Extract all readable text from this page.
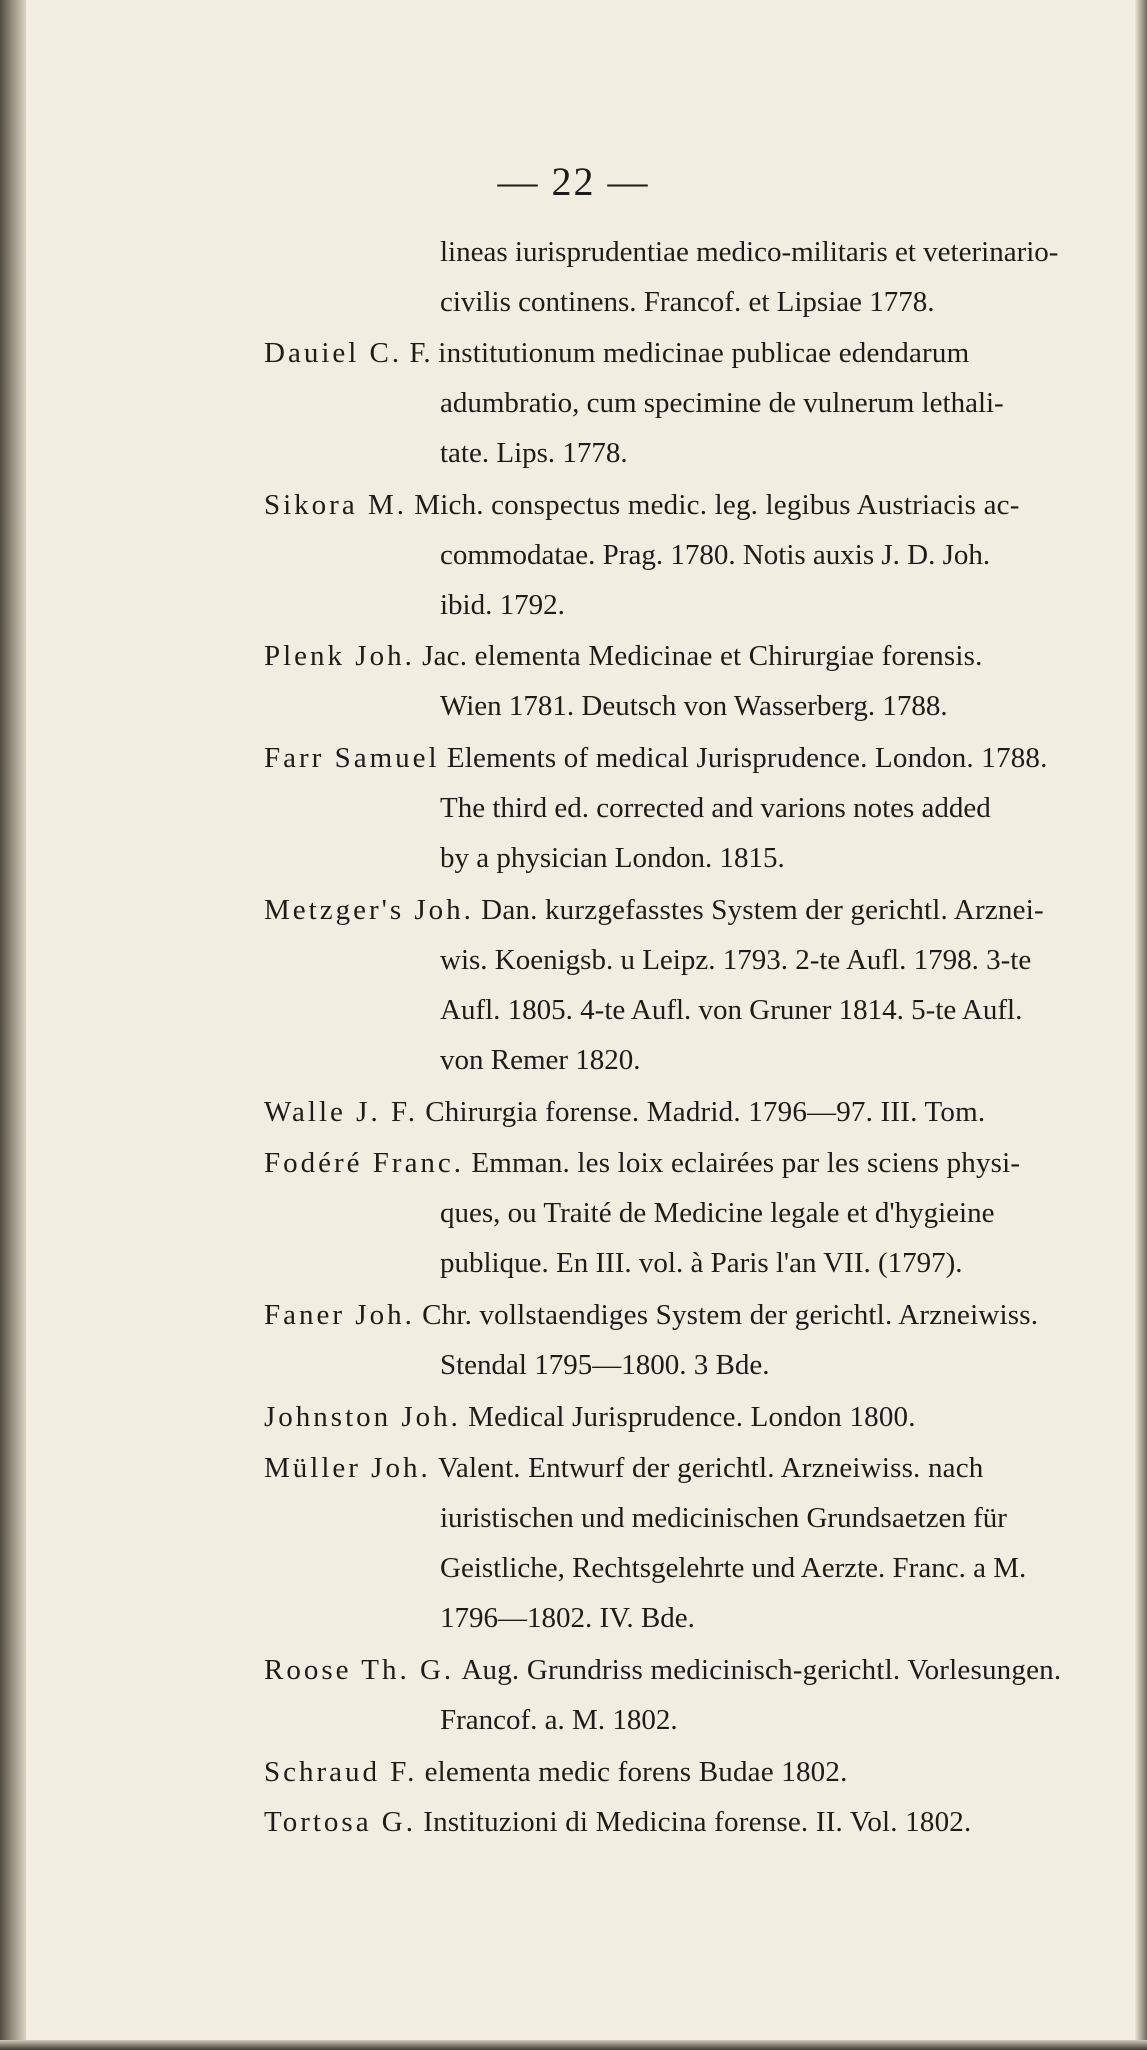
— 22 —
lineas iurisprudentiae medico-militaris et veterinario-
civilis continens. Francof. et Lipsiae 1778.
Dauiel C. F. institutionum medicinae publicae edendarum
adumbratio, cum specimine de vulnerum lethali-
tate. Lips. 1778.
Sikora M. Mich. conspectus medic. leg. legibus Austriacis ac-
commodatae. Prag. 1780. Notis auxis J. D. Joh.
ibid. 1792.
Plenk Joh. Jac. elementa Medicinae et Chirurgiae forensis.
Wien 1781. Deutsch von Wasserberg. 1788.
Farr Samuel Elements of medical Jurisprudence. London. 1788.
The third ed. corrected and varions notes added
by a physician London. 1815.
Metzger's Joh. Dan. kurzgefasstes System der gerichtl. Arznei-
wis. Koenigsb. u Leipz. 1793. 2-te Aufl. 1798. 3-te
Aufl. 1805. 4-te Aufl. von Gruner 1814. 5-te Aufl.
von Remer 1820.
Walle J. F. Chirurgia forense. Madrid. 1796—97. III. Tom.
Fodéré Franc. Emman. les loix eclairées par les sciens physi-
ques, ou Traité de Medicine legale et d'hygieine
publique. En III. vol. à Paris l'an VII. (1797).
Faner Joh. Chr. vollstaendiges System der gerichtl. Arzneiwiss.
Stendal 1795—1800. 3 Bde.
Johnston Joh. Medical Jurisprudence. London 1800.
Müller Joh. Valent. Entwurf der gerichtl. Arzneiwiss. nach
iuristischen und medicinischen Grundsaetzen für
Geistliche, Rechtsgelehrte und Aerzte. Franc. a M.
1796—1802. IV. Bde.
Roose Th. G. Aug. Grundriss medicinisch-gerichtl. Vorlesungen.
Francof. a. M. 1802.
Schraud F. elementa medic forens Budae 1802.
Tortosa G. Instituzioni di Medicina forense. II. Vol. 1802.
